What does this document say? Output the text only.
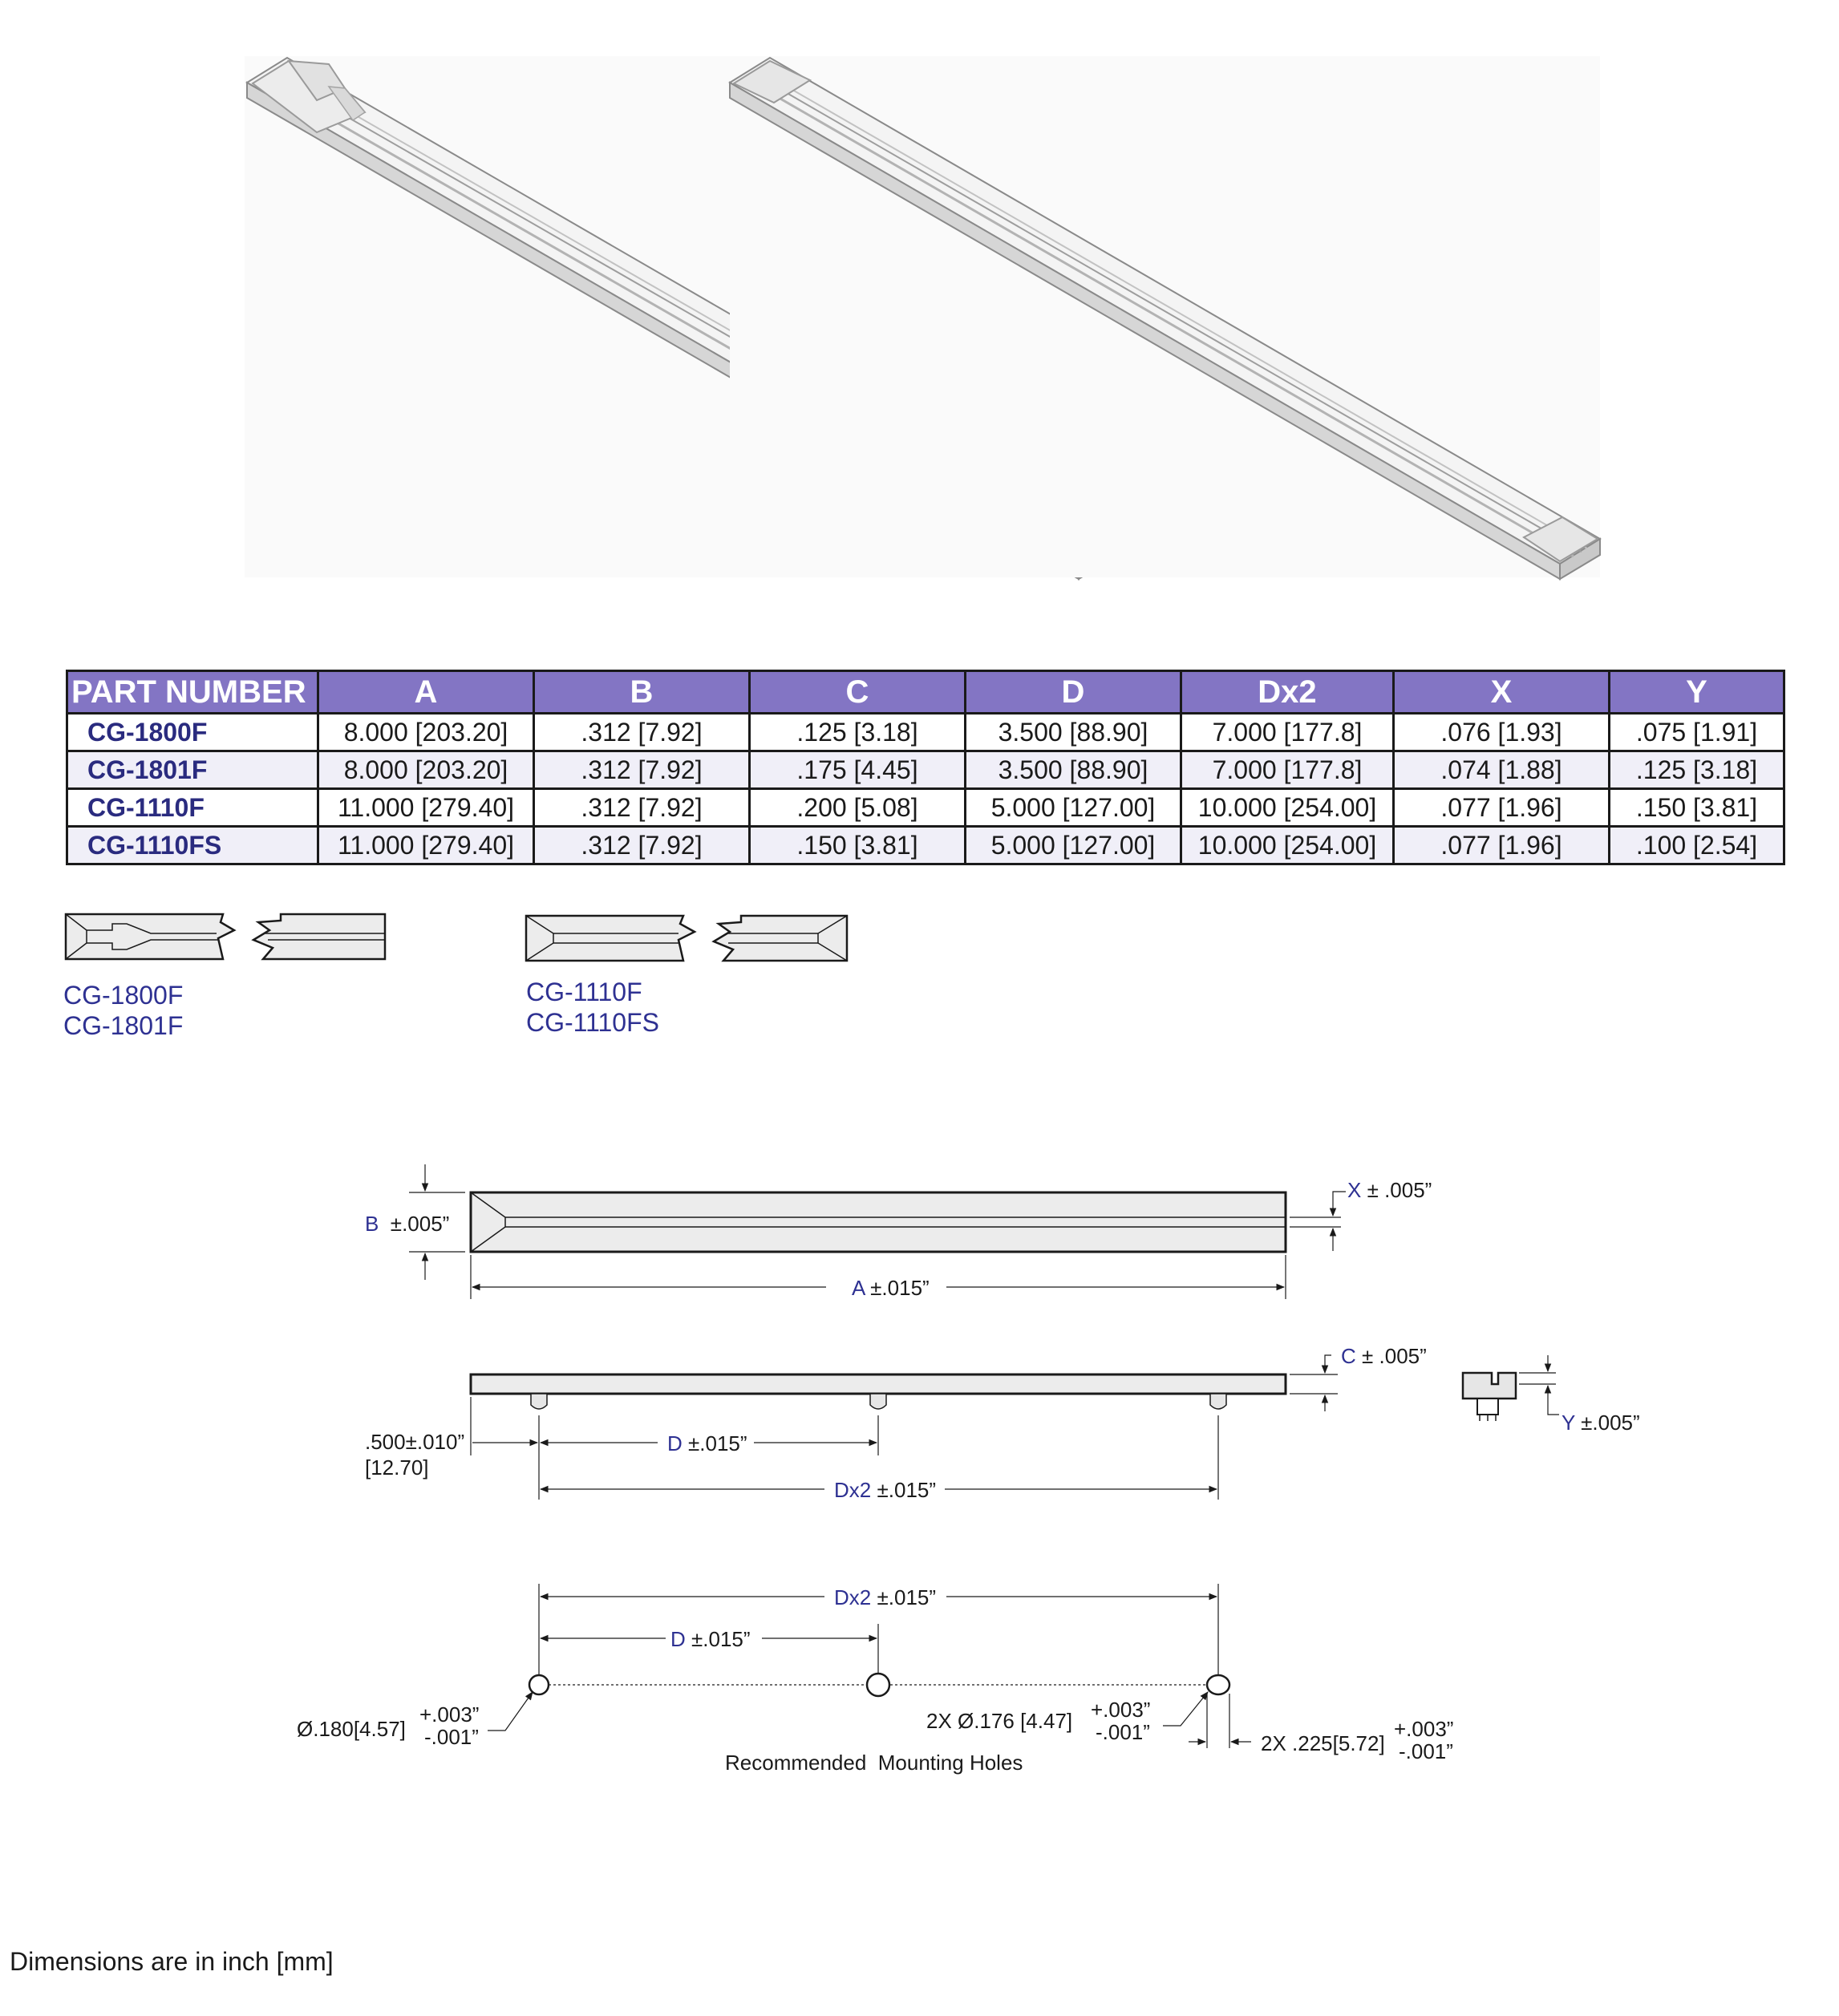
PART NUMBER	A	B	C	D	Dx2	X	Y
CG-1800F	8.000 [203.20]	.312 [7.92]	.125 [3.18]	3.500 [88.90]	7.000 [177.8]	.076 [1.93]	.075 [1.91]
CG-1801F	8.000 [203.20]	.312 [7.92]	.175 [4.45]	3.500 [88.90]	7.000 [177.8]	.074 [1.88]	.125 [3.18]
CG-1110F	11.000 [279.40]	.312 [7.92]	.200 [5.08]	5.000 [127.00]	10.000 [254.00]	.077 [1.96]	.150 [3.81]
CG-1110FS	11.000 [279.40]	.312 [7.92]	.150 [3.81]	5.000 [127.00]	10.000 [254.00]	.077 [1.96]	.100 [2.54]
CG-1800F
CG-1801F
CG-1110F
CG-1110FS
B ±.005”
X ± .005”
A ±.015”
C ± .005”
Y ±.005”
.500±.010”
[12.70]
D ±.015”
Dx2 ±.015”
Dx2 ±.015”
D ±.015”
Ø.180[4.57]
+.003”
-.001”
2X Ø.176 [4.47] +.003”
-.001”	2X .225[5.72]
+.003”
-.001”
Recommended  Mounting Holes
Dimensions are in inch [mm]
